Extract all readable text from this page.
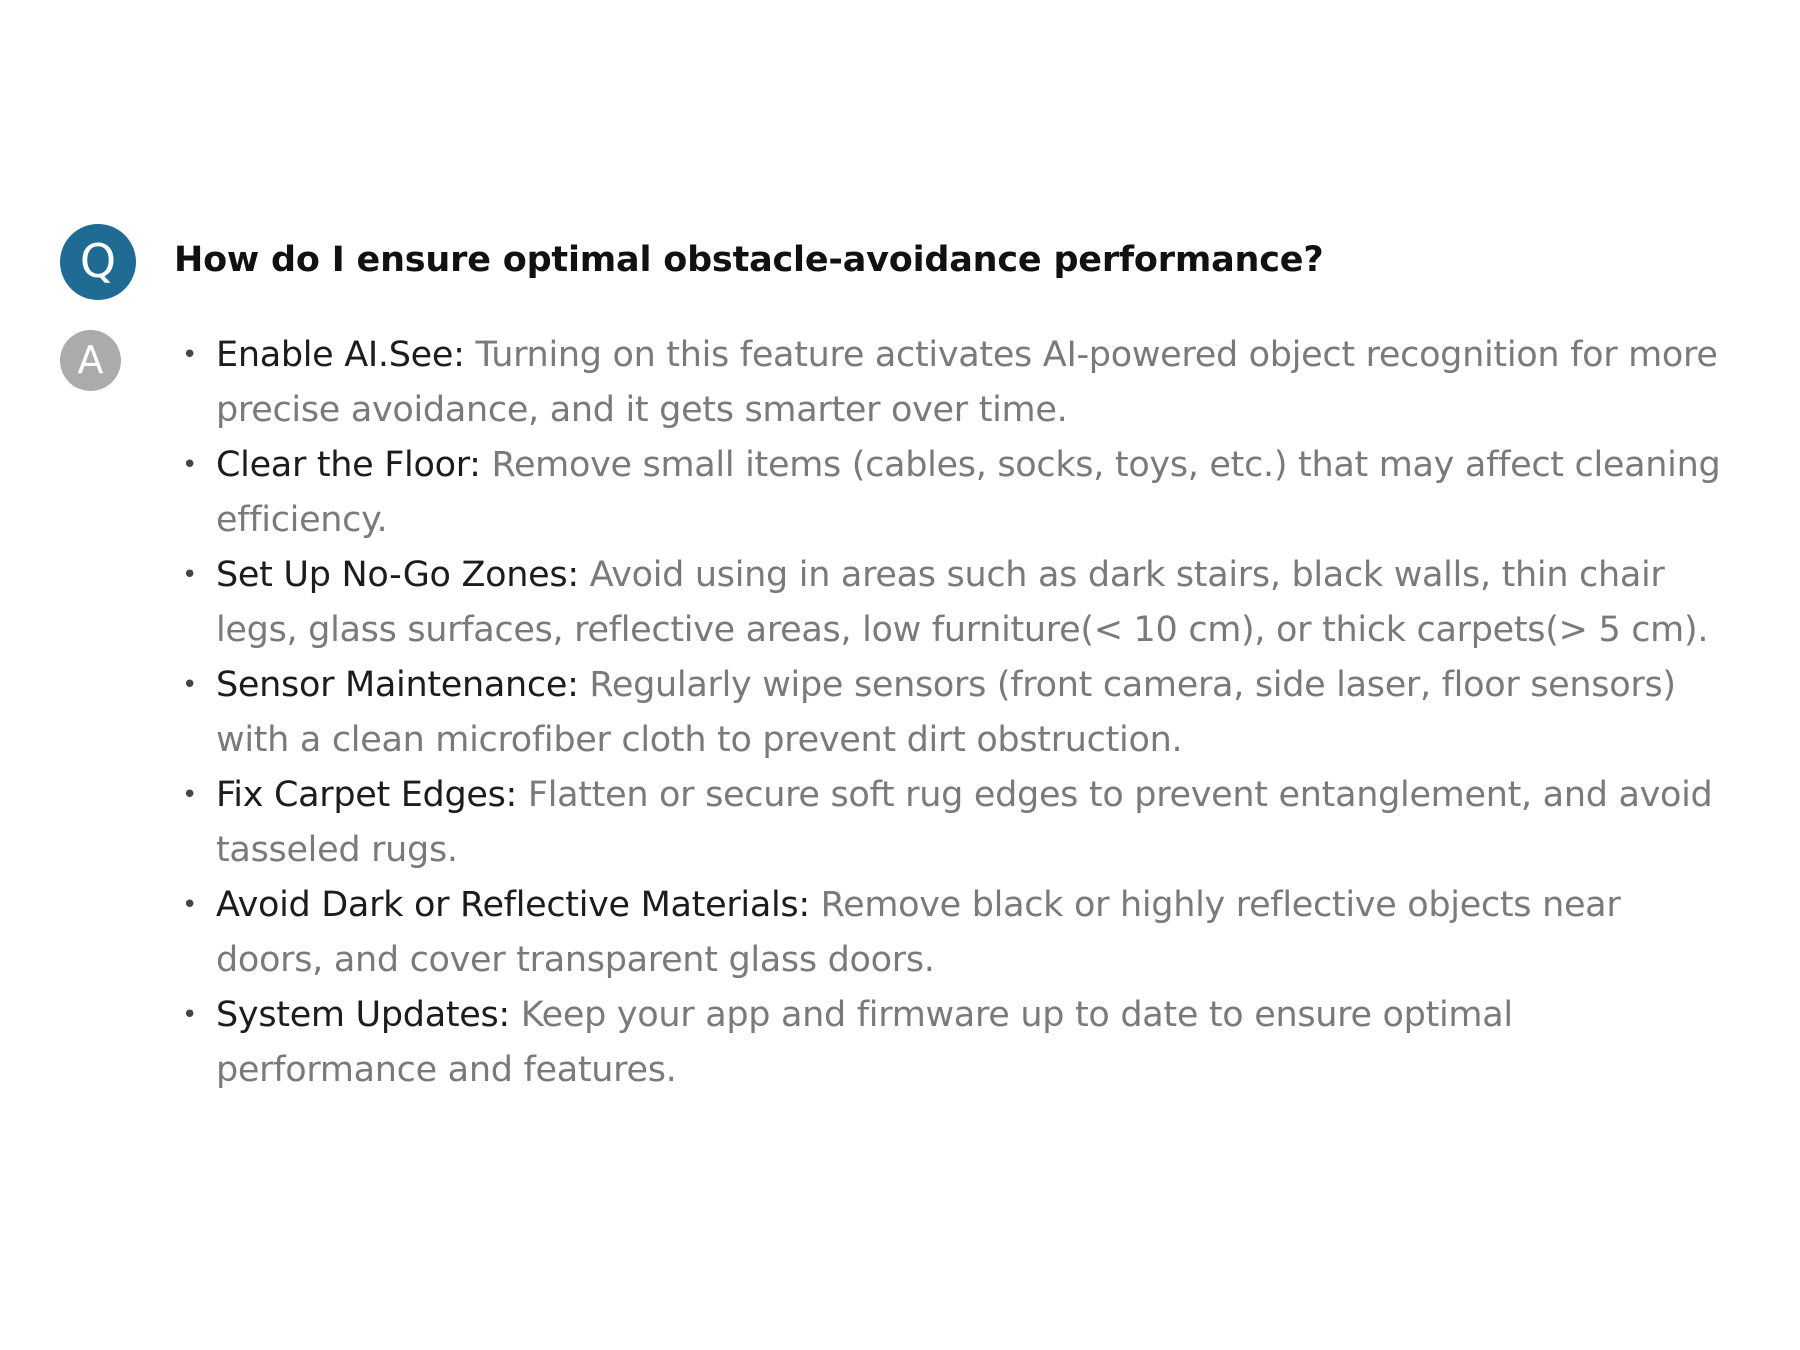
Q How do I ensure optimal obstacle-avoidance performance?
A	• Enable AI.See: Turning on this feature activates AI-powered object recognition for more precise avoidance, and it gets smarter over time.
• Clear the Floor: Remove small items (cables, socks, toys, etc.) that may affect cleaning efficiency.
• Set Up No-Go Zones: Avoid using in areas such as dark stairs, black walls, thin chair legs, glass surfaces, reflective areas, low furniture(< 10 cm), or thick carpets(> 5 cm).
• Sensor Maintenance: Regularly wipe sensors (front camera, side laser, floor sensors) with a clean microfiber cloth to prevent dirt obstruction.
• Fix Carpet Edges: Flatten or secure soft rug edges to prevent entanglement, and avoid tasseled rugs.
• Avoid Dark or Reflective Materials: Remove black or highly reflective objects near doors, and cover transparent glass doors.
• System Updates: Keep your app and firmware up to date to ensure optimal performance and features.
